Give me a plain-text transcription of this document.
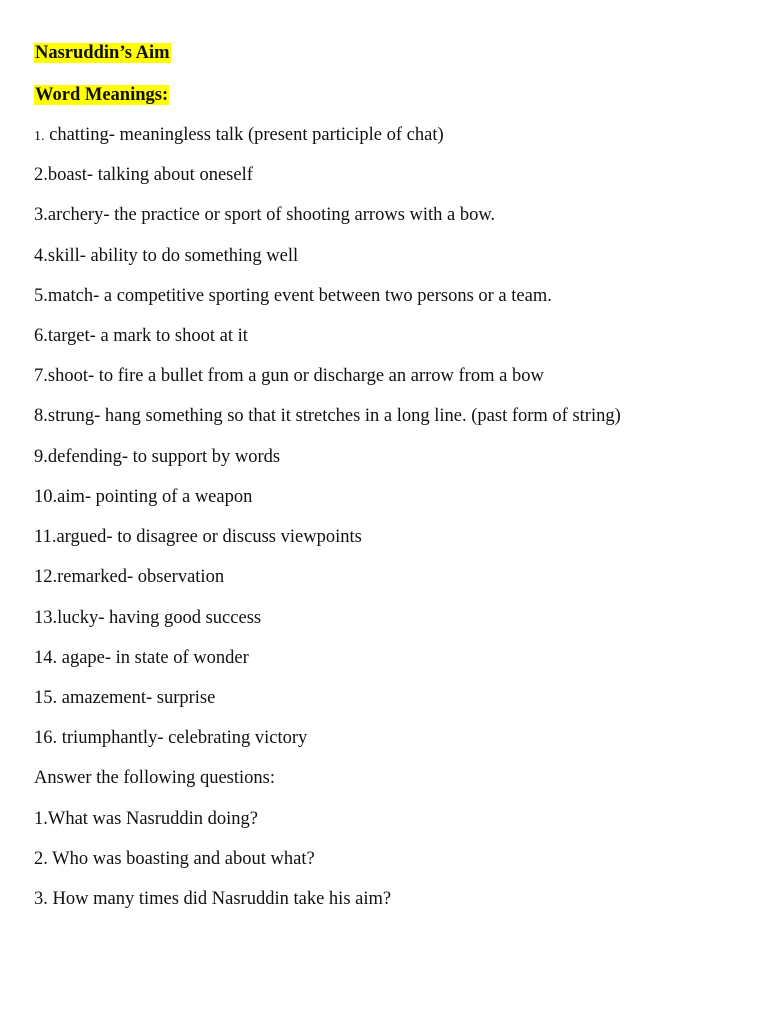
Nasruddin’s Aim
Word Meanings:
1. chatting- meaningless talk (present participle of chat)
2.boast- talking about oneself
3.archery- the practice or sport of shooting arrows with a bow.
4.skill- ability to do something well
5.match- a competitive sporting event between two persons or a team.
6.target- a mark to shoot at it
7.shoot- to fire a bullet from a gun or discharge an arrow from a bow
8.strung- hang something so that it stretches in a long line. (past form of string)
9.defending- to support by words
10.aim- pointing of a weapon
11.argued- to disagree or discuss viewpoints
12.remarked- observation
13.lucky- having good success
14. agape- in state of wonder
15. amazement- surprise
16. triumphantly- celebrating victory
Answer the following questions:
1.What was Nasruddin doing?
2. Who was boasting and about what?
3. How many times did Nasruddin take his aim?
